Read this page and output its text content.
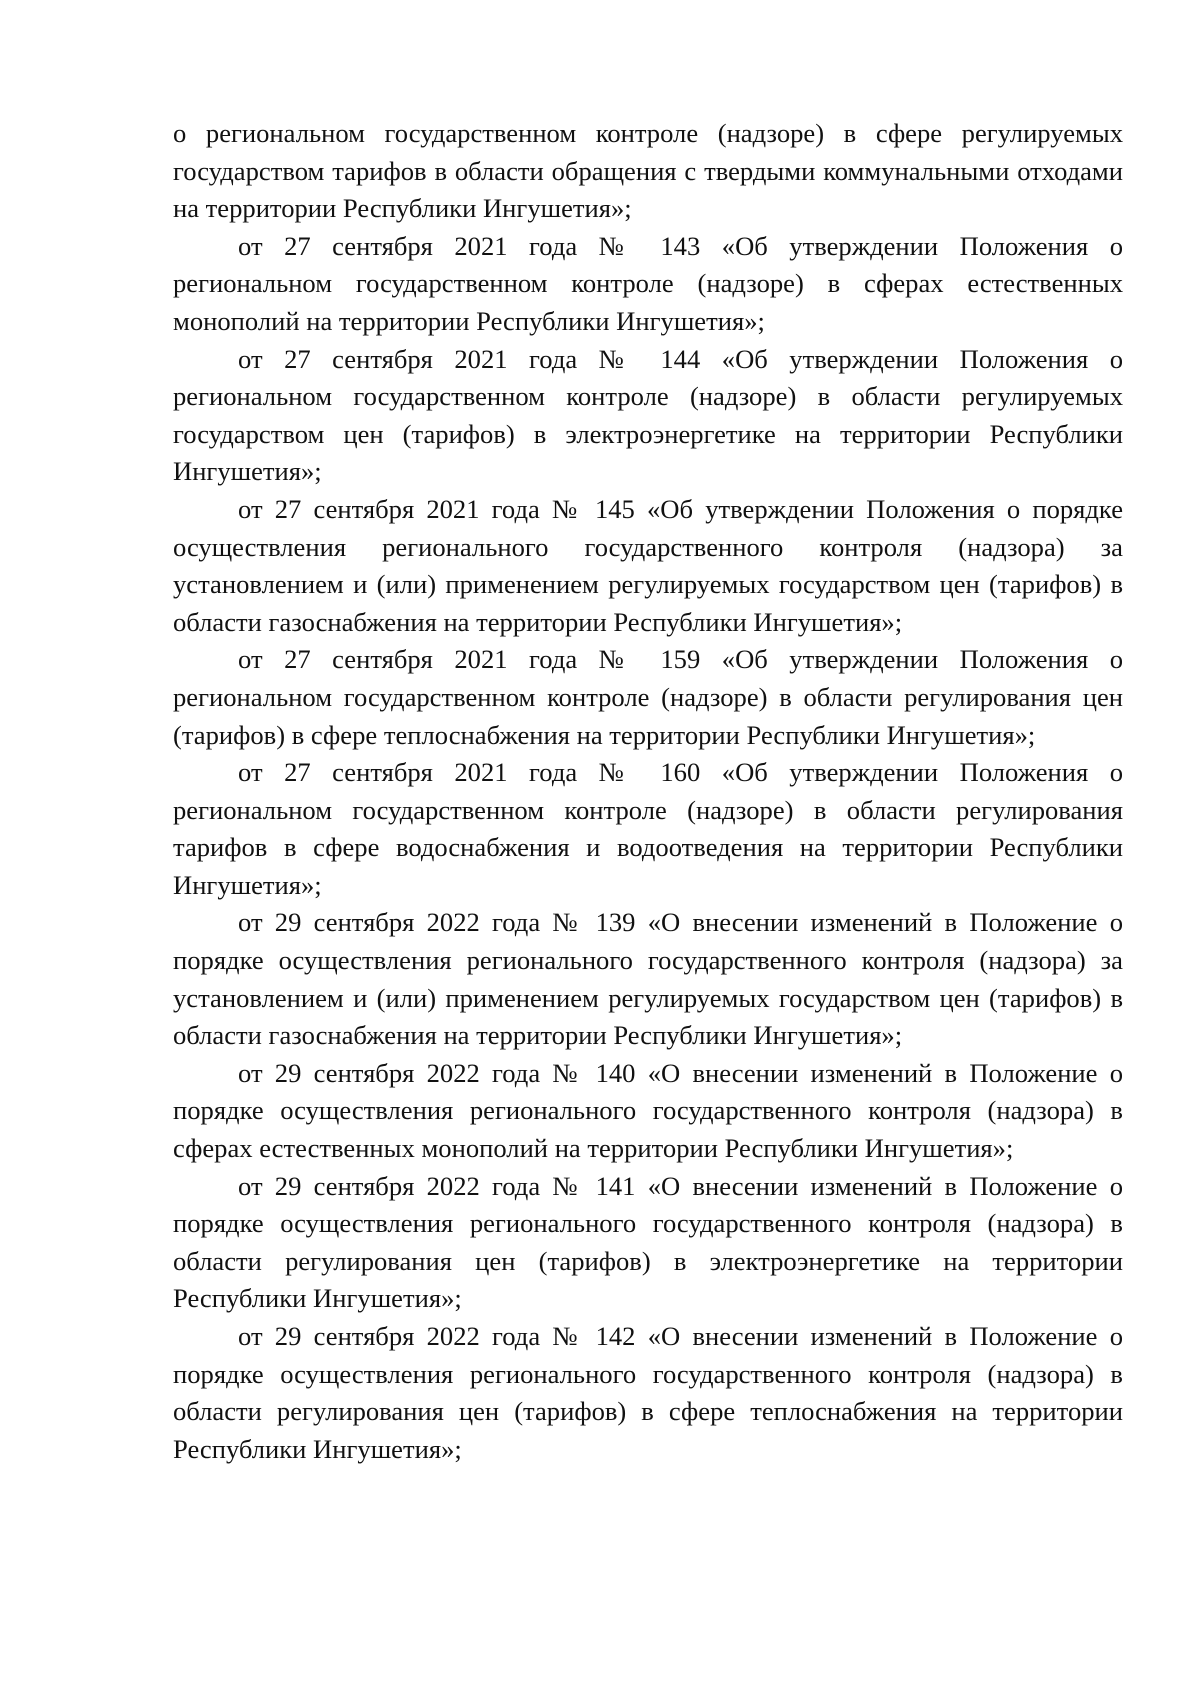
о региональном государственном контроле (надзоре) в сфере регулируемых государством тарифов в области обращения с твердыми коммунальными отходами на территории Республики Ингушетия»;

от 27 сентября 2021 года № 143 «Об утверждении Положения о региональном государственном контроле (надзоре) в сферах естественных монополий на территории Республики Ингушетия»;

от 27 сентября 2021 года № 144 «Об утверждении Положения о региональном государственном контроле (надзоре) в области регулируемых государством цен (тарифов) в электроэнергетике на территории Республики Ингушетия»;

от 27 сентября 2021 года № 145 «Об утверждении Положения о порядке осуществления регионального государственного контроля (надзора) за установлением и (или) применением регулируемых государством цен (тарифов) в области газоснабжения на территории Республики Ингушетия»;

от 27 сентября 2021 года № 159 «Об утверждении Положения о региональном государственном контроле (надзоре) в области регулирования цен (тарифов) в сфере теплоснабжения на территории Республики Ингушетия»;

от 27 сентября 2021 года № 160 «Об утверждении Положения о региональном государственном контроле (надзоре) в области регулирования тарифов в сфере водоснабжения и водоотведения на территории Республики Ингушетия»;

от 29 сентября 2022 года № 139 «О внесении изменений в Положение о порядке осуществления регионального государственного контроля (надзора) за установлением и (или) применением регулируемых государством цен (тарифов) в области газоснабжения на территории Республики Ингушетия»;

от 29 сентября 2022 года № 140 «О внесении изменений в Положение о порядке осуществления регионального государственного контроля (надзора) в сферах естественных монополий на территории Республики Ингушетия»;

от 29 сентября 2022 года № 141 «О внесении изменений в Положение о порядке осуществления регионального государственного контроля (надзора) в области регулирования цен (тарифов) в электроэнергетике на территории Республики Ингушетия»;

от 29 сентября 2022 года № 142 «О внесении изменений в Положение о порядке осуществления регионального государственного контроля (надзора) в области регулирования цен (тарифов) в сфере теплоснабжения на территории Республики Ингушетия»;
